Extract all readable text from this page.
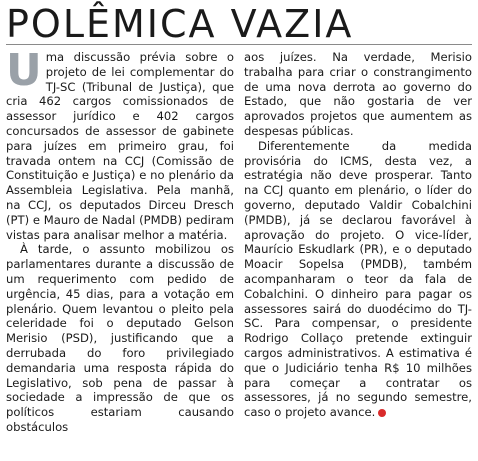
POLÊMICA VAZIA

Uma discussão prévia sobre o projeto de lei complementar do TJ-SC (Tribunal de Justiça), que cria 462 cargos comissionados de assessor jurídico e 402 cargos concursados de assessor de gabinete para juízes em primeiro grau, foi travada ontem na CCJ (Comissão de Constituição e Justiça) e no plenário da Assembleia Legislativa. Pela manhã, na CCJ, os deputados Dirceu Dresch (PT) e Mauro de Nadal (PMDB) pediram vistas para analisar melhor a matéria.

À tarde, o assunto mobilizou os parlamentares durante a discussão de um requerimento com pedido de urgência, 45 dias, para a votação em plenário. Quem levantou o pleito pela celeridade foi o deputado Gelson Merisio (PSD), justificando que a derrubada do foro privilegiado demandaria uma resposta rápida do Legislativo, sob pena de passar à sociedade a impressão de que os políticos estariam causando obstáculos

aos juízes. Na verdade, Merisio trabalha para criar o constrangimento de uma nova derrota ao governo do Estado, que não gostaria de ver aprovados projetos que aumentem as despesas públicas.

Diferentemente da medida provisória do ICMS, desta vez, a estratégia não deve prosperar. Tanto na CCJ quanto em plenário, o líder do governo, deputado Valdir Cobalchini (PMDB), já se declarou favorável à aprovação do projeto. O vice-líder, Maurício Eskudlark (PR), e o deputado Moacir Sopelsa (PMDB), também acompanharam o teor da fala de Cobalchini. O dinheiro para pagar os assessores sairá do duodécimo do TJ-SC. Para compensar, o presidente Rodrigo Collaço pretende extinguir cargos administrativos. A estimativa é que o Judiciário tenha R$ 10 milhões para começar a contratar os assessores, já no segundo semestre, caso o projeto avance.
